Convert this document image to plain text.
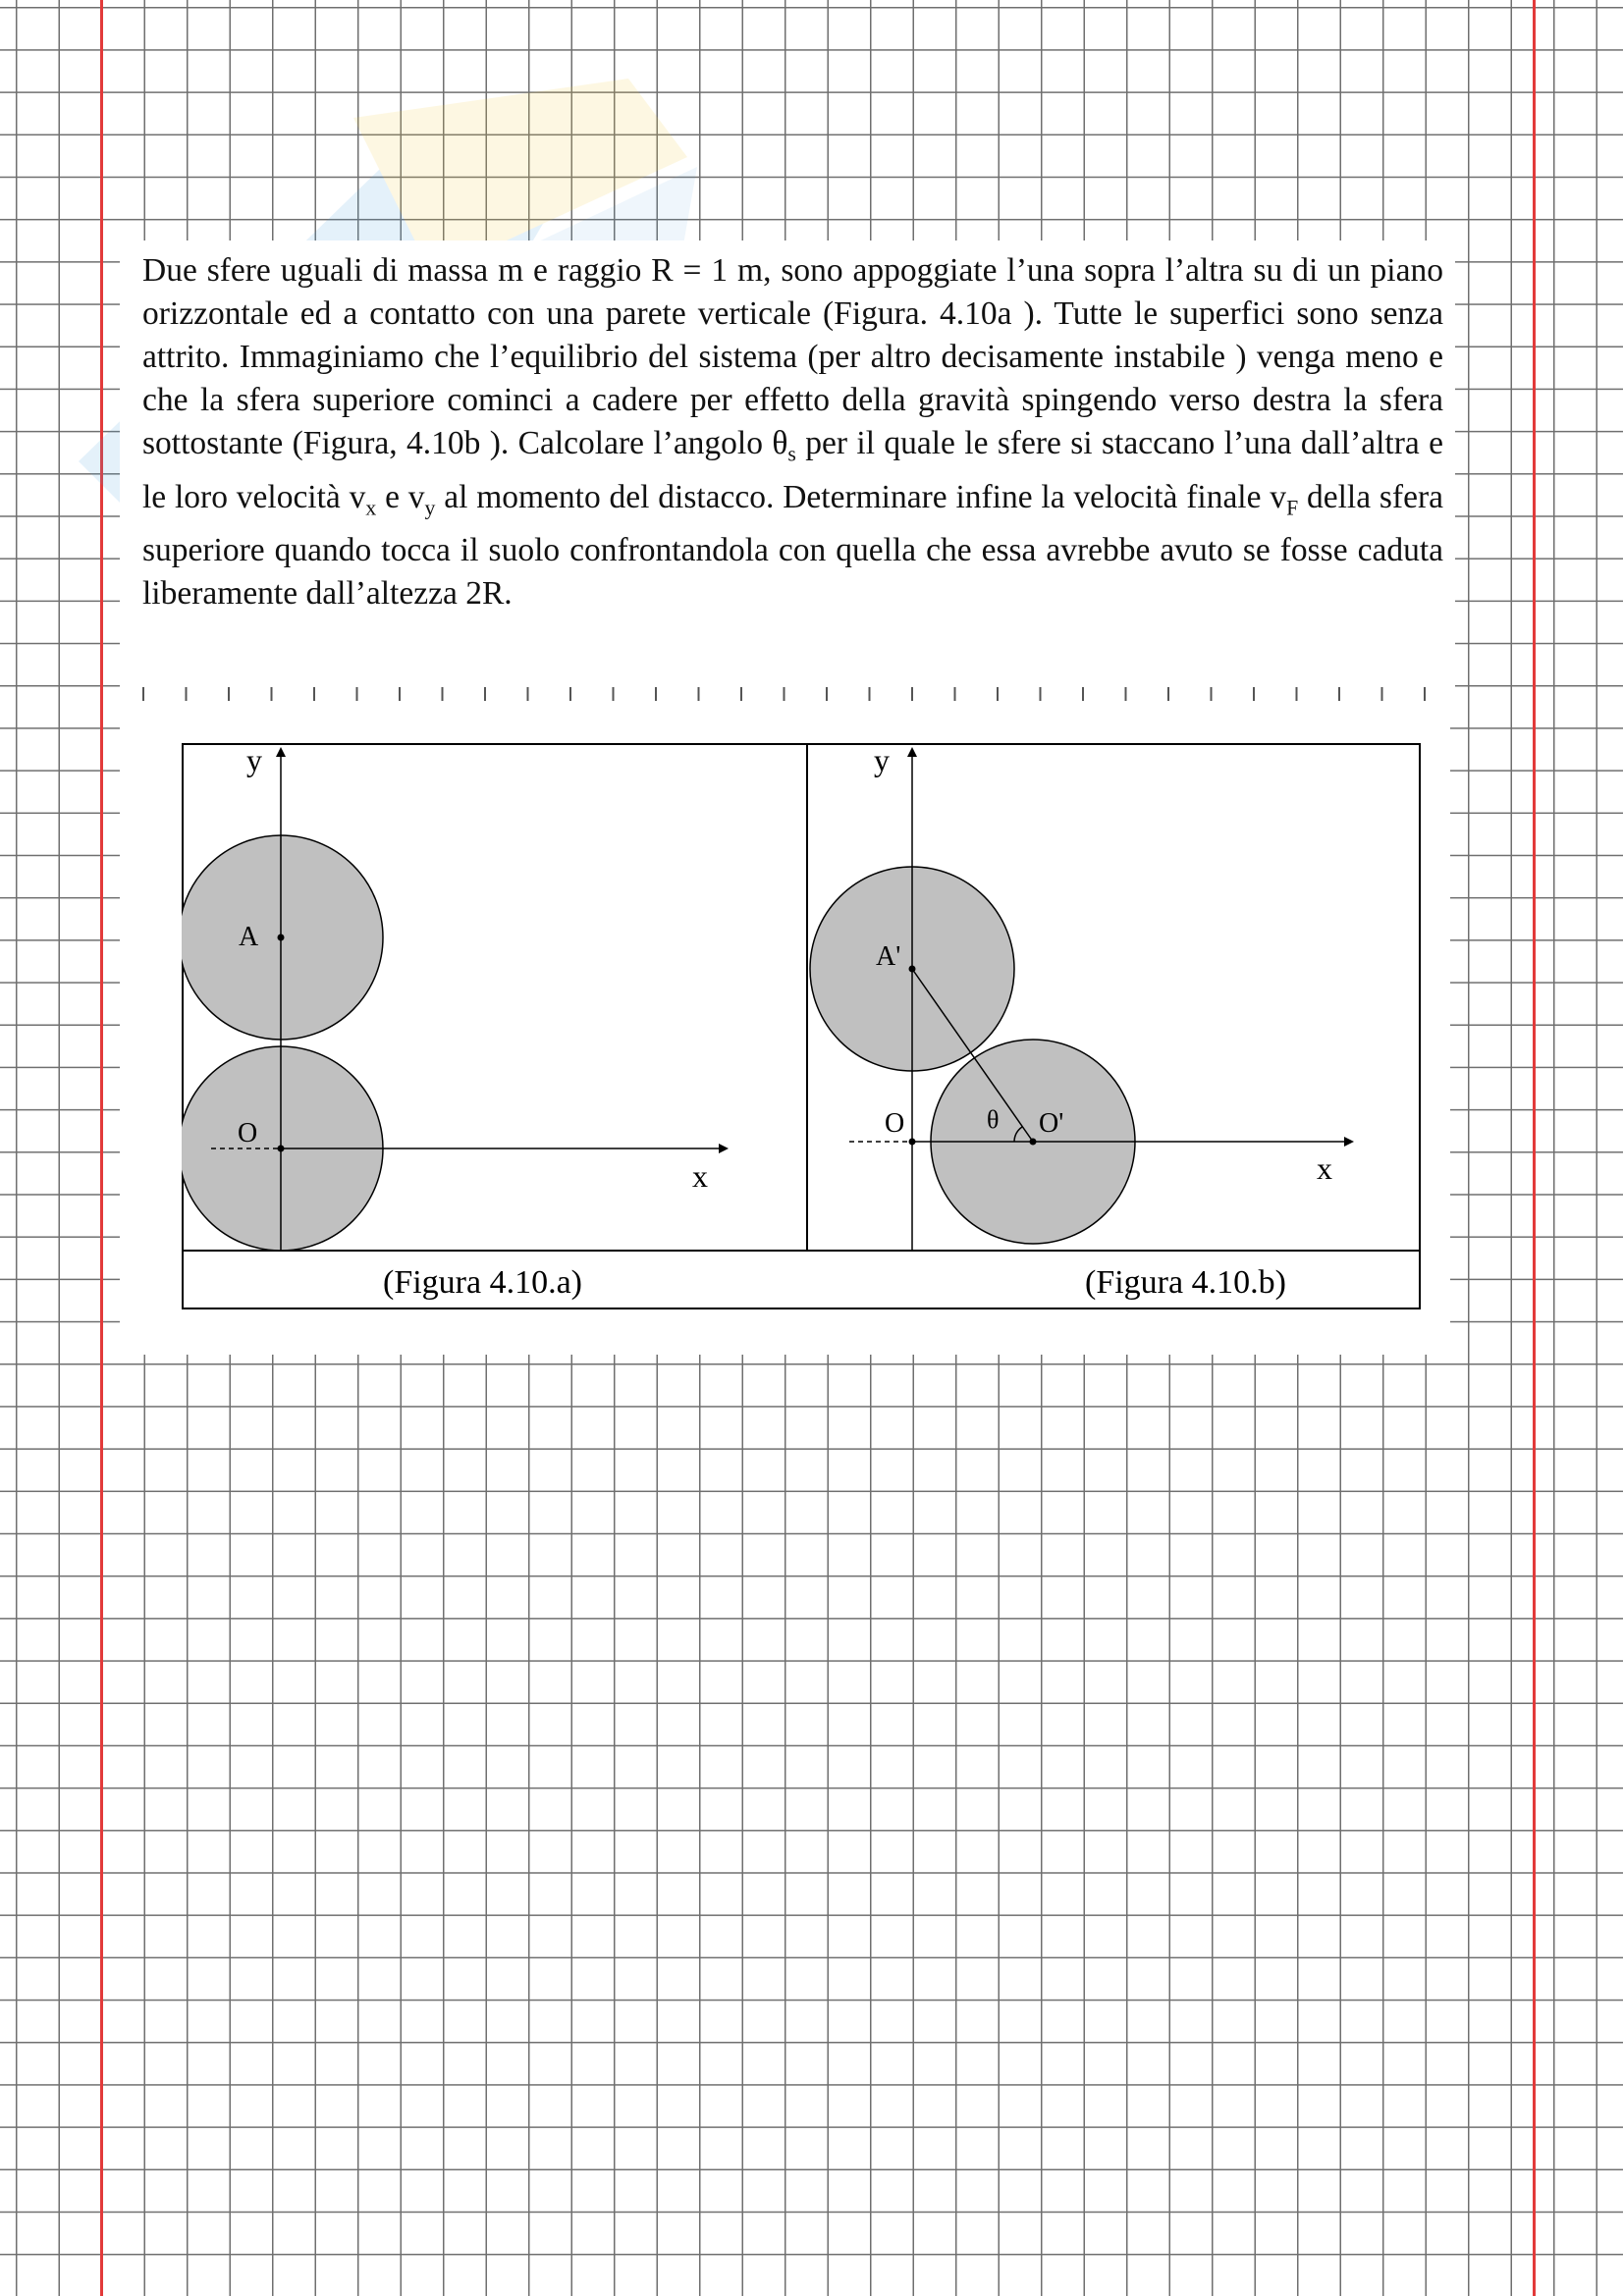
Due sfere uguali di massa m e raggio R = 1 m, sono appoggiate l’una sopra l’altra su di un piano orizzontale ed a contatto con una parete verticale (Figura. 4.10a ). Tutte le superfici sono senza attrito. Immaginiamo che l’equilibrio del sistema (per altro decisamente instabile ) venga meno e che la sfera superiore cominci a cadere per effetto della gravità spingendo verso destra la sfera sottostante (Figura, 4.10b ). Calcolare l’angolo $\theta_s$ per il quale le sfere si staccano l’una dall’altra e le loro velocità $v_x$ e $v_y$ al momento del distacco. Determinare infine la velocità finale $v_F$ della sfera superiore quando tocca il suolo confrontandola con quella che essa avrebbe avuto se fosse caduta liberamente dall’altezza 2R.

y
x
A
O
(Figura 4.10.a)
y
x
A'
O	θ O'
(Figura 4.10.b)
